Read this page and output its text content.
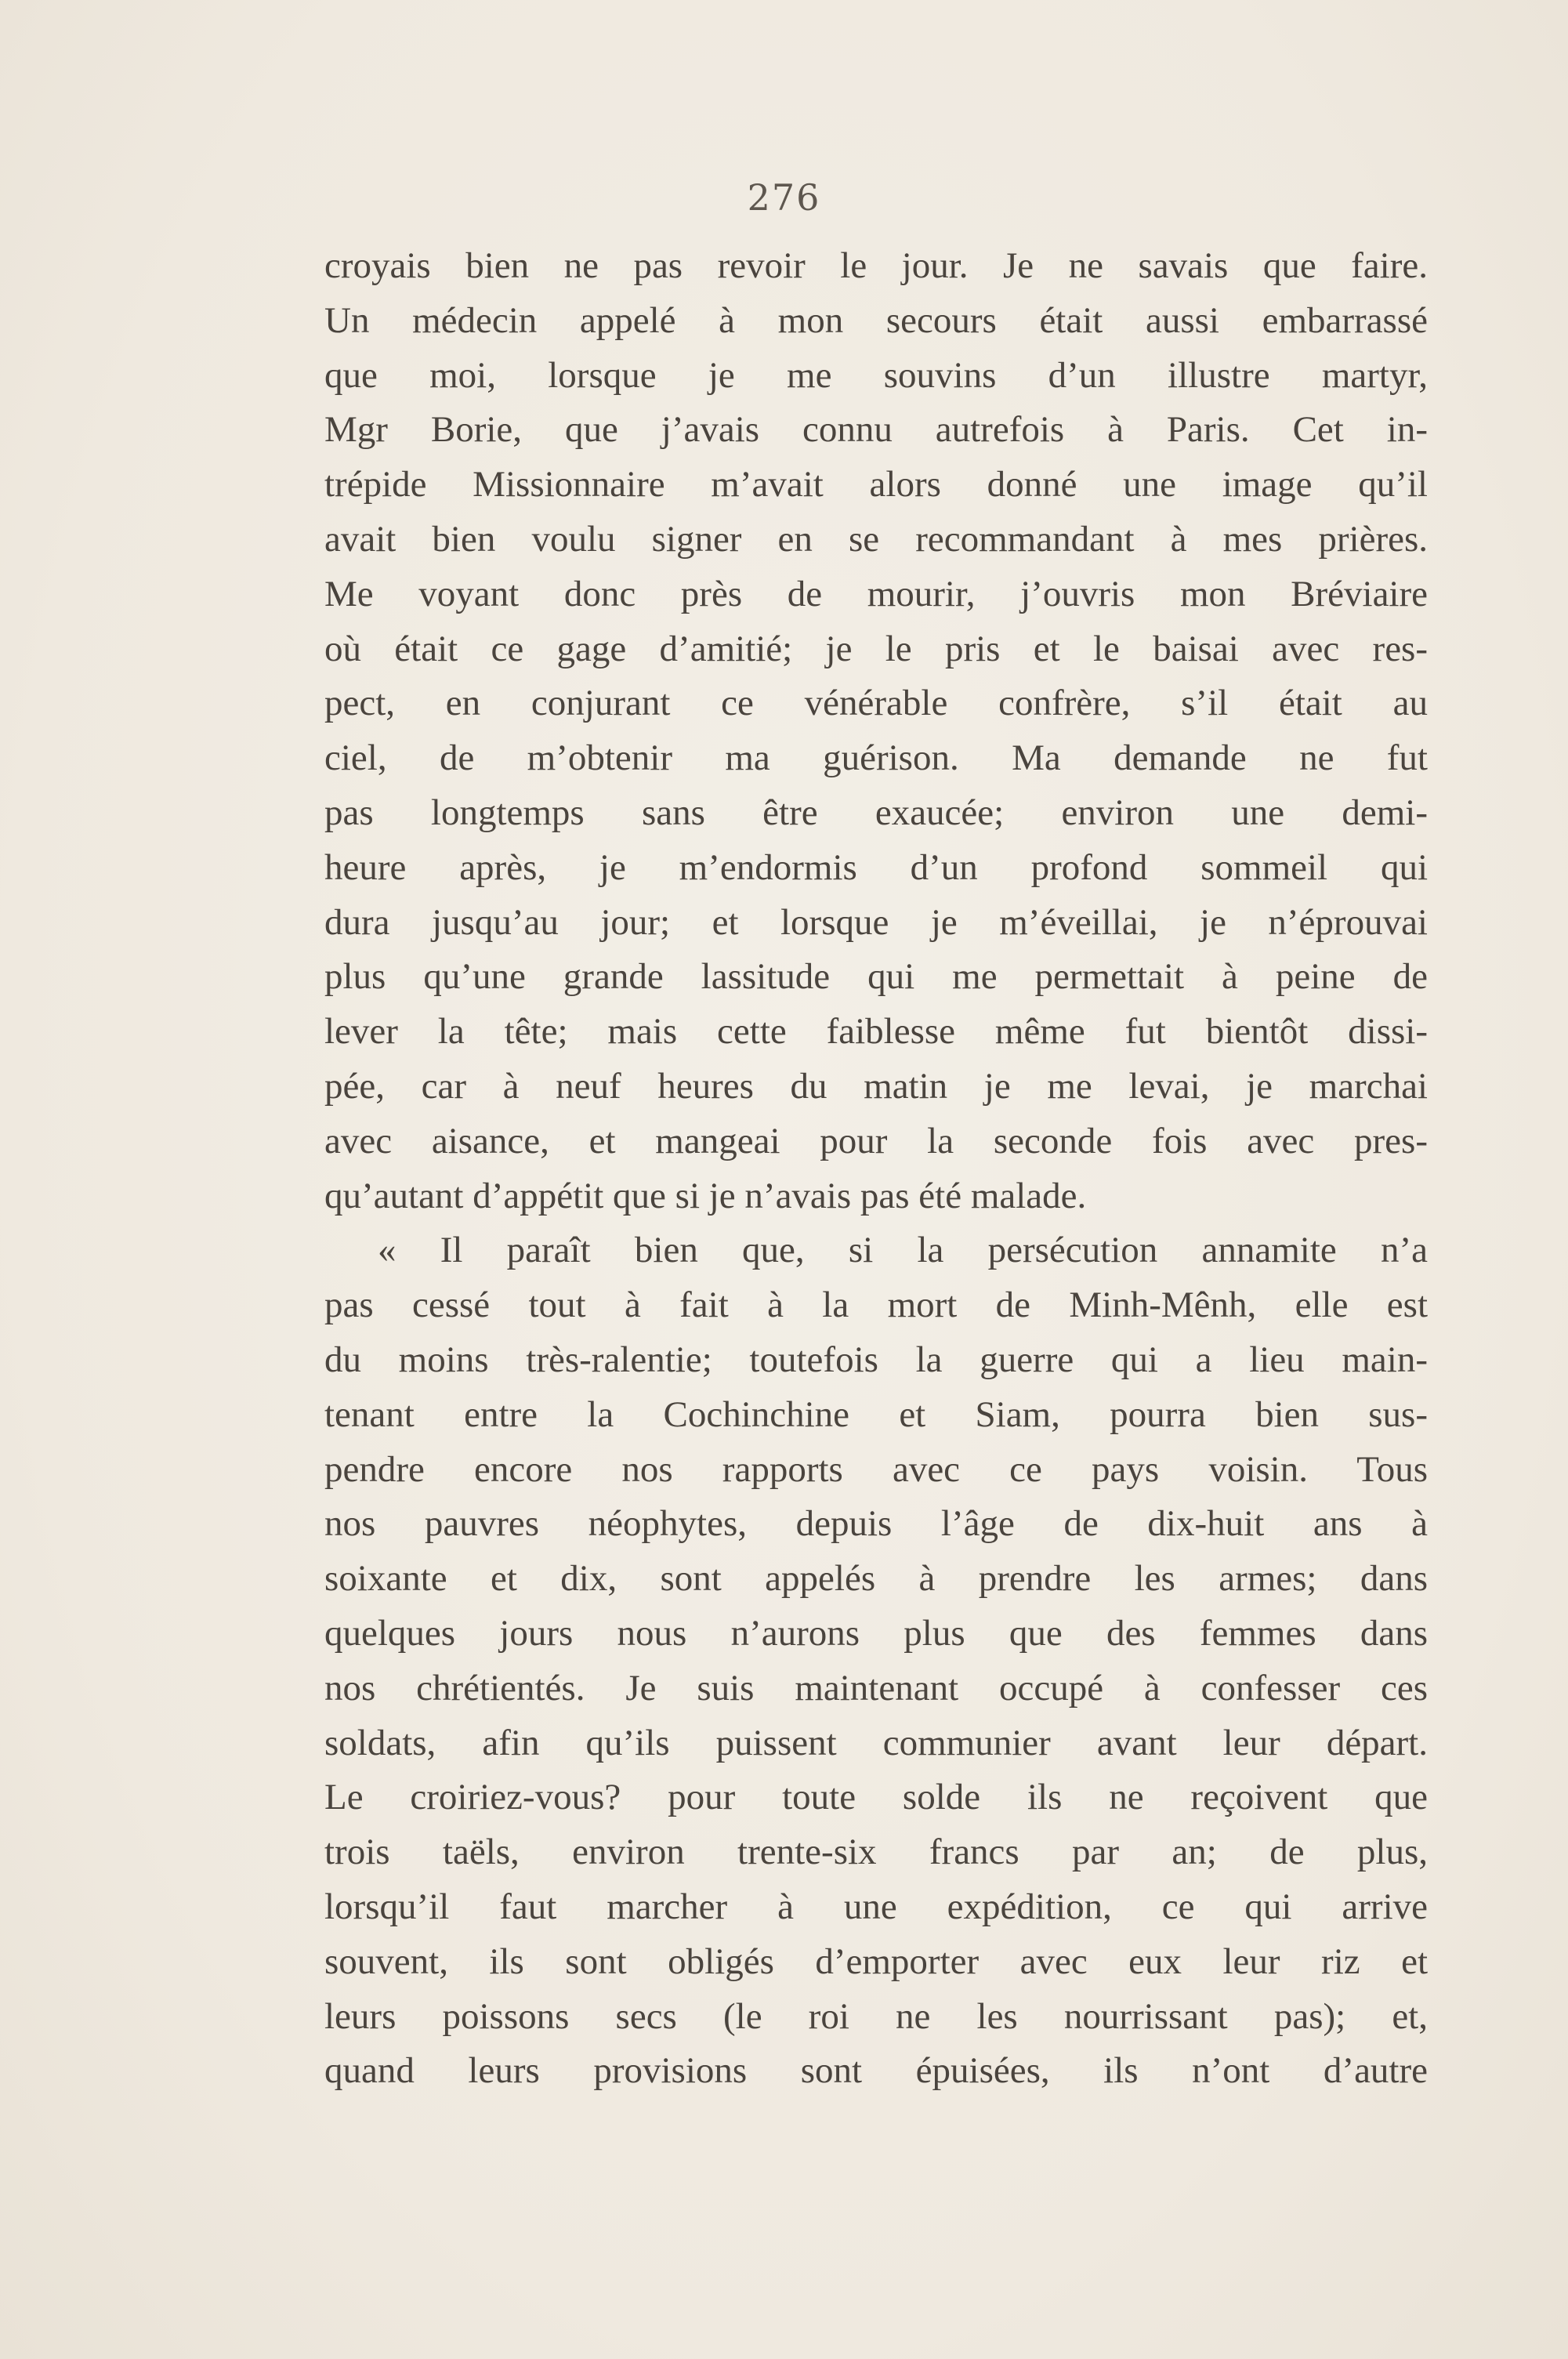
276
croyais bien ne pas revoir le jour. Je ne savais que faire.
Un médecin appelé à mon secours était aussi embarrassé
que moi, lorsque je me souvins d’un illustre martyr,
Mgr Borie, que j’avais connu autrefois à Paris. Cet in-
trépide Missionnaire m’avait alors donné une image qu’il
avait bien voulu signer en se recommandant à mes prières.
Me voyant donc près de mourir, j’ouvris mon Bréviaire
où était ce gage d’amitié; je le pris et le baisai avec res-
pect, en conjurant ce vénérable confrère, s’il était au
ciel, de m’obtenir ma guérison. Ma demande ne fut
pas longtemps sans être exaucée; environ une demi-
heure après, je m’endormis d’un profond sommeil qui
dura jusqu’au jour; et lorsque je m’éveillai, je n’éprouvai
plus qu’une grande lassitude qui me permettait à peine de
lever la tête; mais cette faiblesse même fut bientôt dissi-
pée, car à neuf heures du matin je me levai, je marchai
avec aisance, et mangeai pour la seconde fois avec pres-
qu’autant d’appétit que si je n’avais pas été malade.
« Il paraît bien que, si la persécution annamite n’a
pas cessé tout à fait à la mort de Minh-Mênh, elle est
du moins très-ralentie; toutefois la guerre qui a lieu main-
tenant entre la Cochinchine et Siam, pourra bien sus-
pendre encore nos rapports avec ce pays voisin. Tous
nos pauvres néophytes, depuis l’âge de dix-huit ans à
soixante et dix, sont appelés à prendre les armes; dans
quelques jours nous n’aurons plus que des femmes dans
nos chrétientés. Je suis maintenant occupé à confesser ces
soldats, afin qu’ils puissent communier avant leur départ.
Le croiriez-vous? pour toute solde ils ne reçoivent que
trois taëls, environ trente-six francs par an; de plus,
lorsqu’il faut marcher à une expédition, ce qui arrive
souvent, ils sont obligés d’emporter avec eux leur riz et
leurs poissons secs (le roi ne les nourrissant pas); et,
quand leurs provisions sont épuisées, ils n’ont d’autre
